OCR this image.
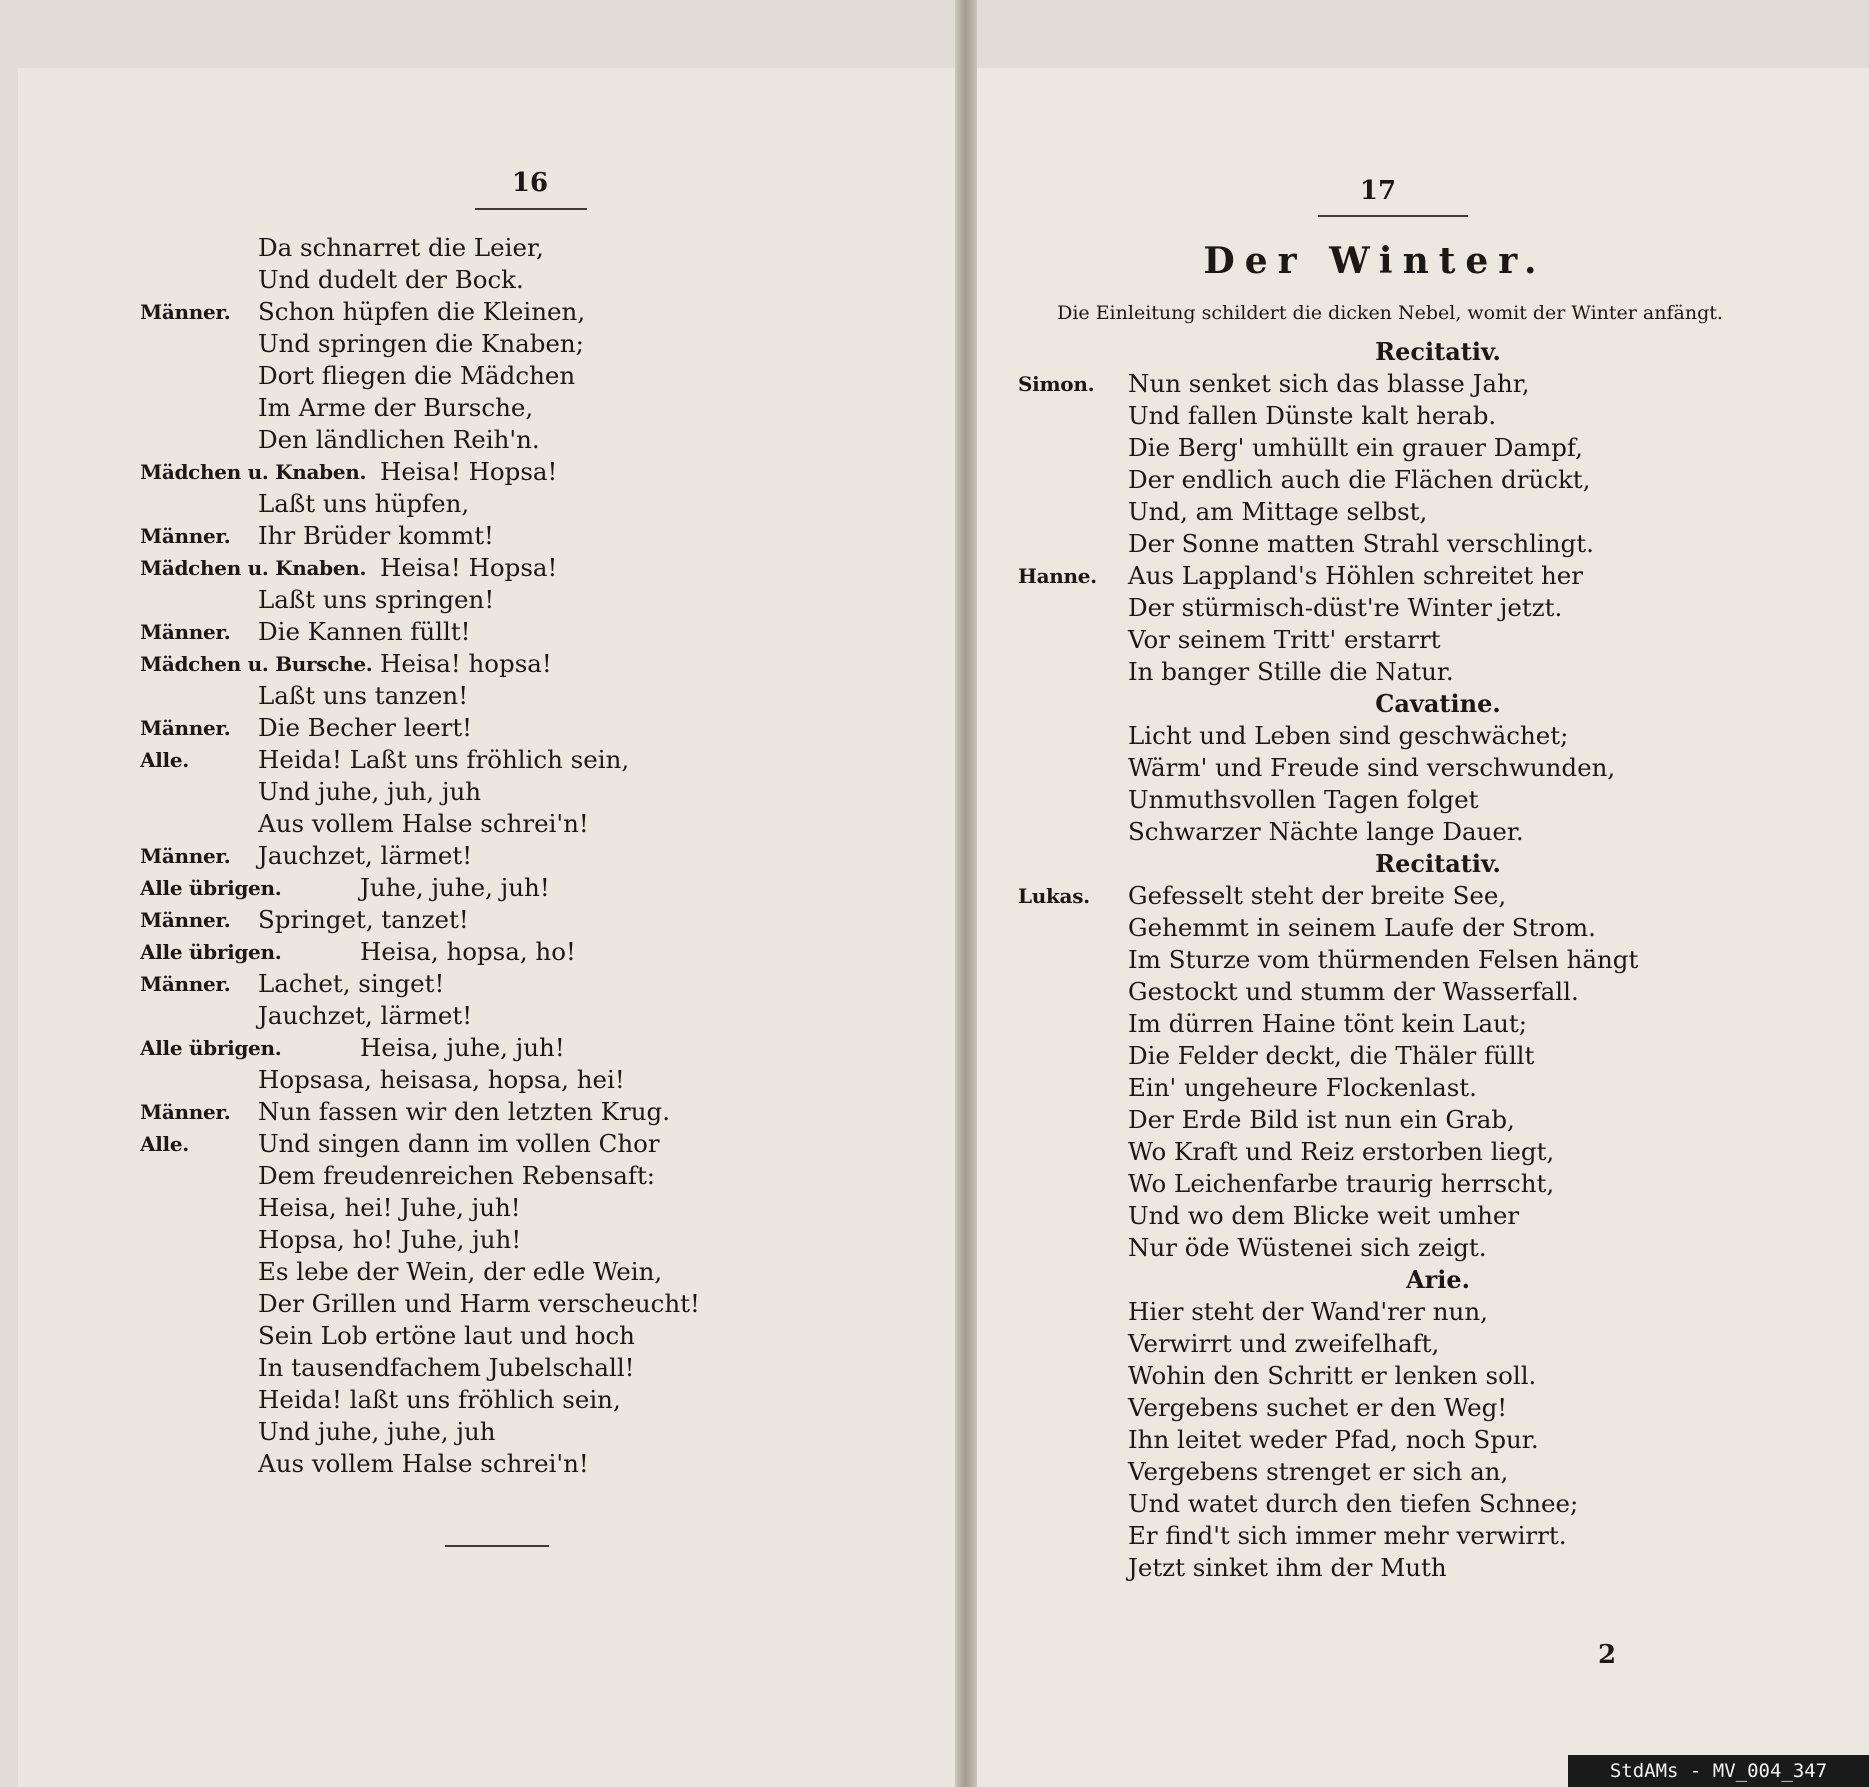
16
Da schnarret die Leier,
Und dudelt der Bock.
Männer. Schon hüpfen die Kleinen,
Und springen die Knaben;
Dort fliegen die Mädchen
Im Arme der Bursche,
Den ländlichen Reih'n.
Mädchen u. Knaben. Heisa! Hopsa!
Laßt uns hüpfen,
Männer. Ihr Brüder kommt!
Mädchen u. Knaben. Heisa! Hopsa!
Laßt uns springen!
Männer. Die Kannen füllt!
Mädchen u. Bursche. Heisa! hopsa!
Laßt uns tanzen!
Männer. Die Becher leert!
Alle.	Heida! Laßt uns fröhlich sein,
Und juhe, juh, juh
Aus vollem Halse schrei'n!
Männer. Jauchzet, lärmet!
Alle übrigen.	Juhe, juhe, juh!
Männer. Springet, tanzet!
Alle übrigen.	Heisa, hopsa, ho!
Männer. Lachet, singet!
Jauchzet, lärmet!
Alle übrigen.	Heisa, juhe, juh!
Hopsasa, heisasa, hopsa, hei!
Männer. Nun fassen wir den letzten Krug.
Alle.	Und singen dann im vollen Chor
Dem freudenreichen Rebensaft:
Heisa, hei! Juhe, juh!
Hopsa, ho! Juhe, juh!
Es lebe der Wein, der edle Wein,
Der Grillen und Harm verscheucht!
Sein Lob ertöne laut und hoch
In tausendfachem Jubelschall!
Heida! laßt uns fröhlich sein,
Und juhe, juhe, juh
Aus vollem Halse schrei'n!
17
Der Winter.
Die Einleitung schildert die dicken Nebel, womit der Winter anfängt.
Recitativ.
Simon. Nun senket sich das blasse Jahr,
Und fallen Dünste kalt herab.
Die Berg' umhüllt ein grauer Dampf,
Der endlich auch die Flächen drückt,
Und, am Mittage selbst,
Der Sonne matten Strahl verschlingt.
Hanne. Aus Lappland's Höhlen schreitet her
Der stürmisch-düst're Winter jetzt.
Vor seinem Tritt' erstarrt
In banger Stille die Natur.
Cavatine.
Licht und Leben sind geschwächet;
Wärm' und Freude sind verschwunden,
Unmuthsvollen Tagen folget
Schwarzer Nächte lange Dauer.
Recitativ.
Lukas. Gefesselt steht der breite See,
Gehemmt in seinem Laufe der Strom.
Im Sturze vom thürmenden Felsen hängt
Gestockt und stumm der Wasserfall.
Im dürren Haine tönt kein Laut;
Die Felder deckt, die Thäler füllt
Ein' ungeheure Flockenlast.
Der Erde Bild ist nun ein Grab,
Wo Kraft und Reiz erstorben liegt,
Wo Leichenfarbe traurig herrscht,
Und wo dem Blicke weit umher
Nur öde Wüstenei sich zeigt.
Arie.
Hier steht der Wand'rer nun,
Verwirrt und zweifelhaft,
Wohin den Schritt er lenken soll.
Vergebens suchet er den Weg!
Ihn leitet weder Pfad, noch Spur.
Vergebens strenget er sich an,
Und watet durch den tiefen Schnee;
Er find't sich immer mehr verwirrt.
Jetzt sinket ihm der Muth
2
StdAMs - MV_004_347
